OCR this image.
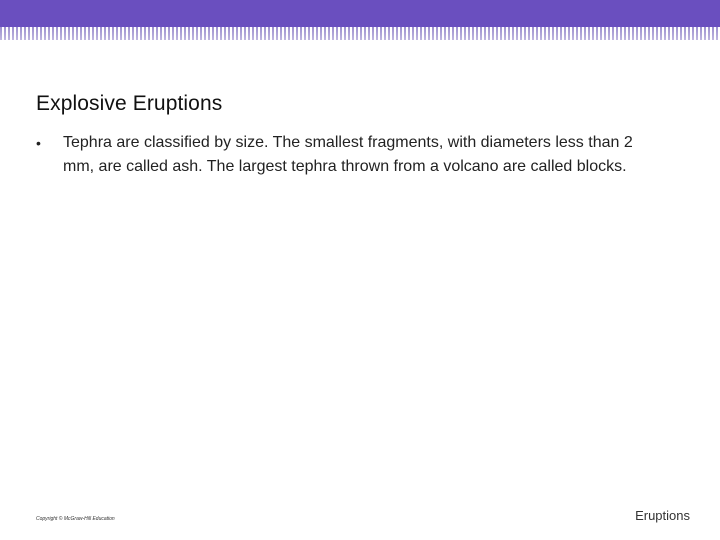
Explosive Eruptions
• Tephra are classified by size. The smallest fragments, with diameters less than 2 mm, are called ash. The largest tephra thrown from a volcano are called blocks.
Copyright © McGraw-Hill Education	Eruptions
